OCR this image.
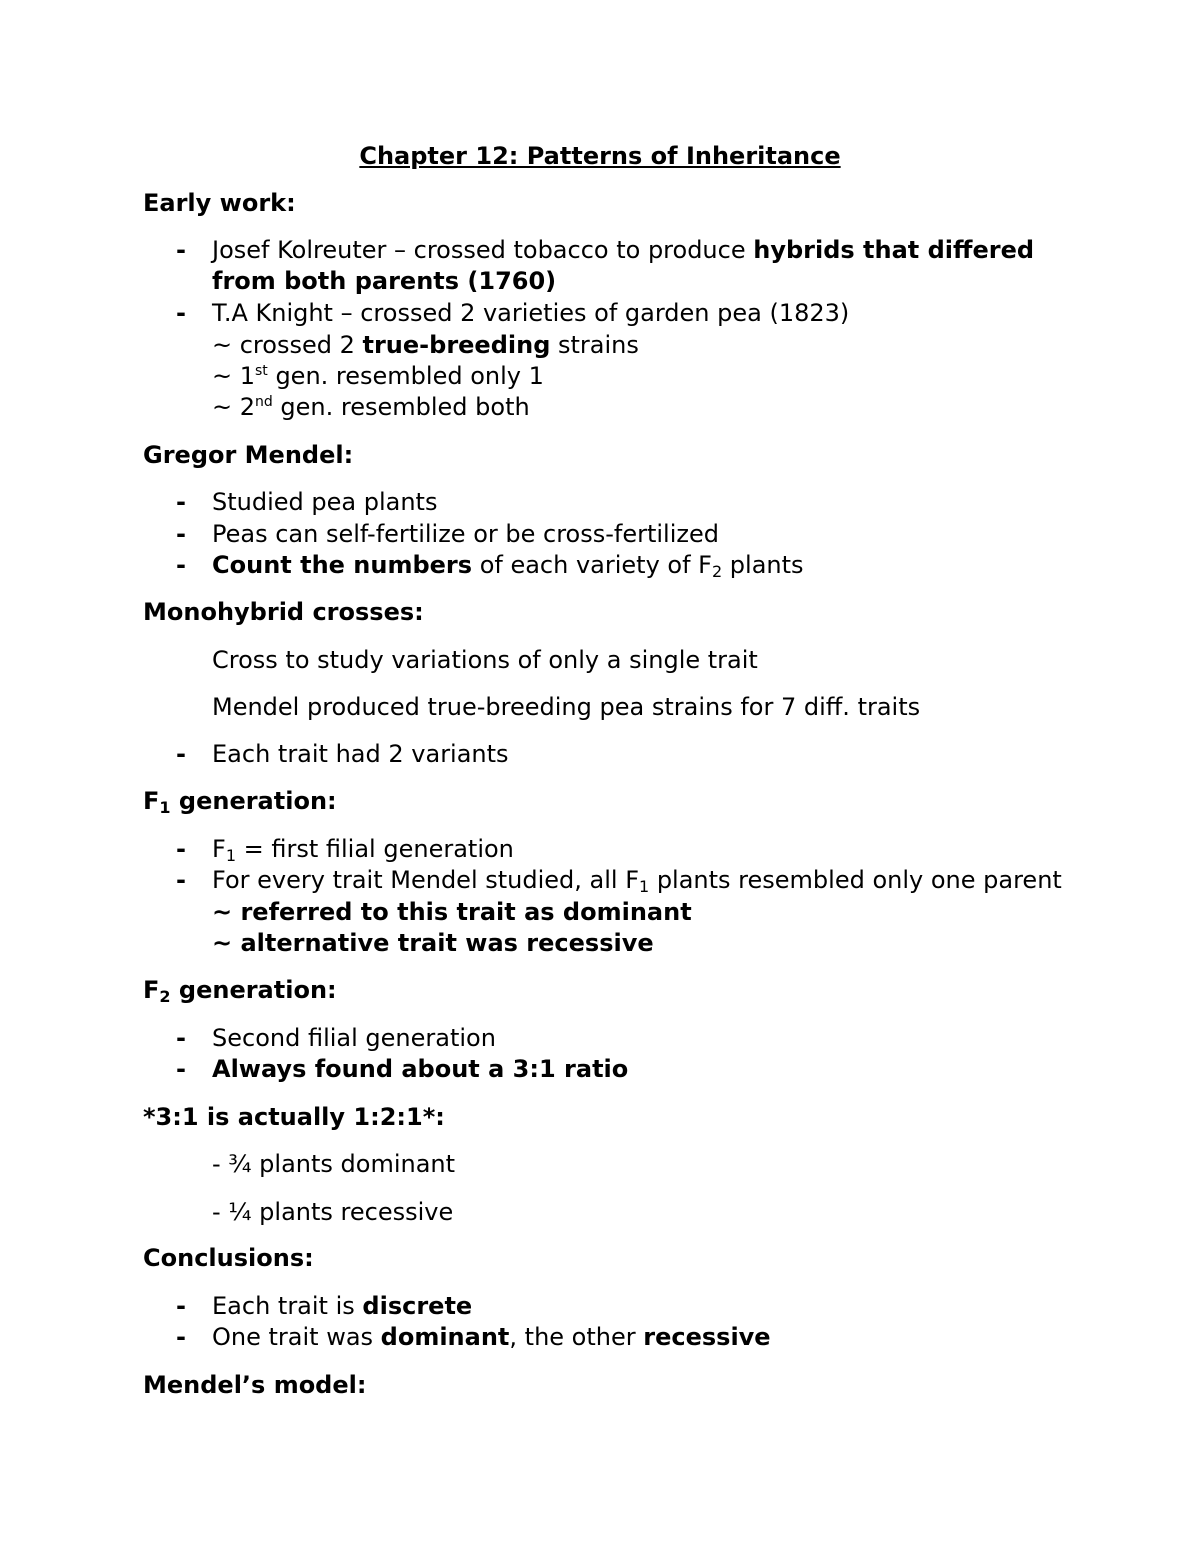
Chapter 12: Patterns of Inheritance
Early work:
- Josef Kolreuter – crossed tobacco to produce hybrids that differed
from both parents (1760)
- T.A Knight – crossed 2 varieties of garden pea (1823)
~ crossed 2 true-breeding strains
~ 1st gen. resembled only 1
~ 2nd gen. resembled both
Gregor Mendel:
- Studied pea plants
- Peas can self-fertilize or be cross-fertilized
- Count the numbers of each variety of $F_2$ plants
Monohybrid crosses:
Cross to study variations of only a single trait
Mendel produced true-breeding pea strains for 7 diff. traits
- Each trait had 2 variants
$F_1$ generation:
- $F_1$ = first filial generation
- For every trait Mendel studied, all $F_1$ plants resembled only one parent
~ referred to this trait as dominant
~ alternative trait was recessive
$F_2$ generation:
- Second filial generation
- Always found about a 3:1 ratio
*3:1 is actually 1:2:1*:
- ¾ plants dominant
- ¼ plants recessive
Conclusions:
- Each trait is discrete
- One trait was dominant, the other recessive
Mendel’s model:
